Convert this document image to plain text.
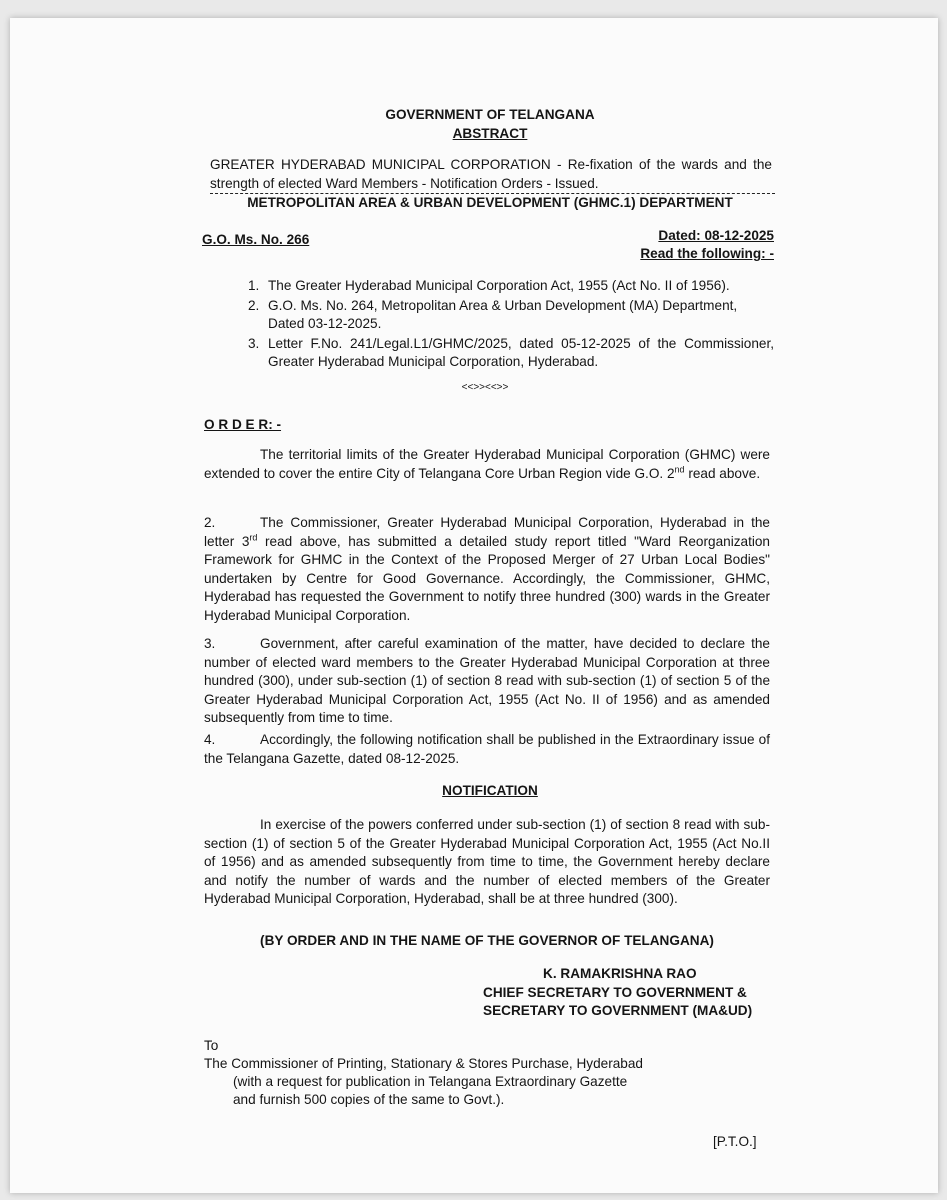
GOVERNMENT OF TELANGANA
ABSTRACT
GREATER HYDERABAD MUNICIPAL CORPORATION - Re-fixation of the wards and the strength of elected Ward Members - Notification Orders - Issued.
METROPOLITAN AREA & URBAN DEVELOPMENT (GHMC.1) DEPARTMENT
G.O. Ms. No. 266	Dated: 08-12-2025
Read the following: -
1. The Greater Hyderabad Municipal Corporation Act, 1955 (Act No. II of 1956).
2. G.O. Ms. No. 264, Metropolitan Area & Urban Development (MA) Department, Dated 03-12-2025.
3. Letter F.No. 241/Legal.L1/GHMC/2025, dated 05-12-2025 of the Commissioner, Greater Hyderabad Municipal Corporation, Hyderabad.
<<>><<>>
O R D E R: -
The territorial limits of the Greater Hyderabad Municipal Corporation (GHMC) were extended to cover the entire City of Telangana Core Urban Region vide G.O. 2nd read above.
2.	The Commissioner, Greater Hyderabad Municipal Corporation, Hyderabad in the letter 3rd read above, has submitted a detailed study report titled "Ward Reorganization Framework for GHMC in the Context of the Proposed Merger of 27 Urban Local Bodies" undertaken by Centre for Good Governance. Accordingly, the Commissioner, GHMC, Hyderabad has requested the Government to notify three hundred (300) wards in the Greater Hyderabad Municipal Corporation.
3.	Government, after careful examination of the matter, have decided to declare the number of elected ward members to the Greater Hyderabad Municipal Corporation at three hundred (300), under sub-section (1) of section 8 read with sub-section (1) of section 5 of the Greater Hyderabad Municipal Corporation Act, 1955 (Act No. II of 1956) and as amended subsequently from time to time.
4.	Accordingly, the following notification shall be published in the Extraordinary issue of the Telangana Gazette, dated 08-12-2025.
NOTIFICATION
In exercise of the powers conferred under sub-section (1) of section 8 read with sub-section (1) of section 5 of the Greater Hyderabad Municipal Corporation Act, 1955 (Act No.II of 1956) and as amended subsequently from time to time, the Government hereby declare and notify the number of wards and the number of elected members of the Greater Hyderabad Municipal Corporation, Hyderabad, shall be at three hundred (300).
(BY ORDER AND IN THE NAME OF THE GOVERNOR OF TELANGANA)
K. RAMAKRISHNA RAO
CHIEF SECRETARY TO GOVERNMENT &
SECRETARY TO GOVERNMENT (MA&UD)
To
The Commissioner of Printing, Stationary & Stores Purchase, Hyderabad
(with a request for publication in Telangana Extraordinary Gazette
and furnish 500 copies of the same to Govt.).
[P.T.O.]
